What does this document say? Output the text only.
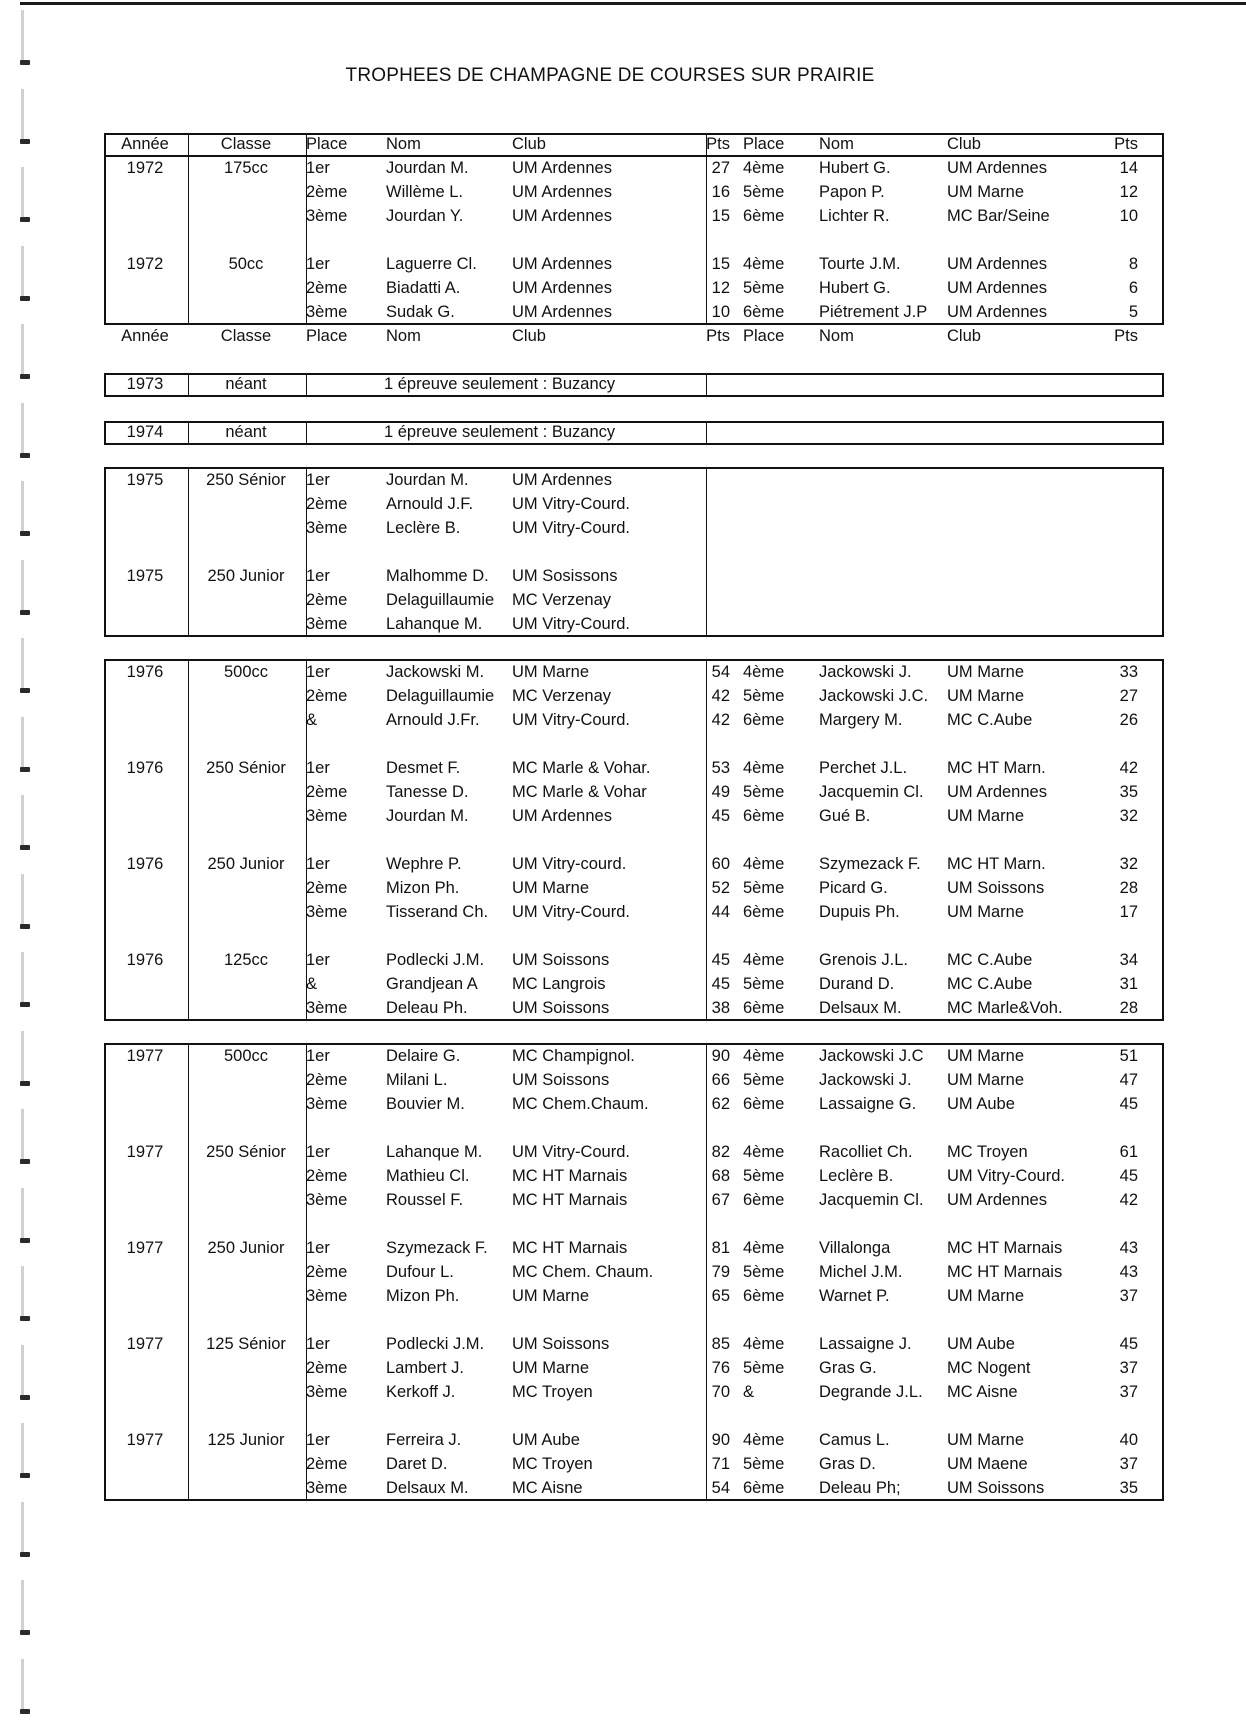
TROPHEES DE CHAMPAGNE DE COURSES SUR PRAIRIE
Année	Classe	Place Nom	Club	Pts Place Nom	Club	Pts
1972	175cc	1er	Jourdan M.	UM Ardennes	27 4ème Hubert G.	UM Ardennes	14
2ème Willème L.	UM Ardennes	16 5ème Papon P.	UM Marne	12
3ème Jourdan Y.	UM Ardennes	15 6ème Lichter R.	MC Bar/Seine	10
1972	50cc	1er	Laguerre Cl. UM Ardennes	15 4ème Tourte J.M.	UM Ardennes	8
2ème Biadatti A.	UM Ardennes	12 5ème Hubert G.	UM Ardennes	6
3ème Sudak G.	UM Ardennes	10 6ème Piétrement J.P UM Ardennes	5
Année	Classe	Place Nom	Club	Pts Place Nom	Club	Pts
1973	néant	1 épreuve seulement : Buzancy
1974	néant	1 épreuve seulement : Buzancy
1975	250 Sénior	1er	Jourdan M.	UM Ardennes
2ème Arnould J.F. UM Vitry-Courd.
3ème Leclère B.	UM Vitry-Courd.
1975	250 Junior	1er	Malhomme D. UM Sosissons
2ème Delaguillaumie MC Verzenay
3ème Lahanque M. UM Vitry-Courd.
1976	500cc	1er	Jackowski M. UM Marne	54 4ème Jackowski J. UM Marne	33
2ème Delaguillaumie MC Verzenay	42 5ème Jackowski J.C. UM Marne	27
&	Arnould J.Fr. UM Vitry-Courd.	42 6ème Margery M.	MC C.Aube	26
1976	250 Sénior	1er	Desmet F.	MC Marle & Vohar.	53 4ème Perchet J.L. MC HT Marn.	42
2ème Tanesse D.	MC Marle & Vohar	49 5ème Jacquemin Cl. UM Ardennes	35
3ème Jourdan M.	UM Ardennes	45 6ème Gué B.	UM Marne	32
1976	250 Junior	1er	Wephre P.	UM Vitry-courd.	60 4ème Szymezack F. MC HT Marn.	32
2ème Mizon Ph.	UM Marne	52 5ème Picard G.	UM Soissons	28
3ème Tisserand Ch. UM Vitry-Courd.	44 6ème Dupuis Ph.	UM Marne	17
1976	125cc	1er	Podlecki J.M. UM Soissons	45 4ème Grenois J.L. MC C.Aube	34
&	Grandjean A MC Langrois	45 5ème Durand D.	MC C.Aube	31
3ème Deleau Ph.	UM Soissons	38 6ème Delsaux M.	MC Marle&Voh.	28
1977	500cc	1er	Delaire G.	MC Champignol.	90 4ème Jackowski J.C UM Marne	51
2ème Milani L.	UM Soissons	66 5ème Jackowski J. UM Marne	47
3ème Bouvier M.	MC Chem.Chaum.	62 6ème Lassaigne G. UM Aube	45
1977	250 Sénior	1er	Lahanque M. UM Vitry-Courd.	82 4ème Racolliet Ch. MC Troyen	61
2ème Mathieu Cl.	MC HT Marnais	68 5ème Leclère B.	UM Vitry-Courd.	45
3ème Roussel F.	MC HT Marnais	67 6ème Jacquemin Cl. UM Ardennes	42
1977	250 Junior	1er	Szymezack F. MC HT Marnais	81 4ème Villalonga	MC HT Marnais	43
2ème Dufour L.	MC Chem. Chaum.	79 5ème Michel J.M.	MC HT Marnais	43
3ème Mizon Ph.	UM Marne	65 6ème Warnet P.	UM Marne	37
1977	125 Sénior	1er	Podlecki J.M. UM Soissons	85 4ème Lassaigne J. UM Aube	45
2ème Lambert J.	UM Marne	76 5ème Gras G.	MC Nogent	37
3ème Kerkoff J.	MC Troyen	70 &	Degrande J.L. MC Aisne	37
1977	125 Junior	1er	Ferreira J.	UM Aube	90 4ème Camus L.	UM Marne	40
2ème Daret D.	MC Troyen	71 5ème Gras D.	UM Maene	37
3ème Delsaux M.	MC Aisne	54 6ème Deleau Ph;	UM Soissons	35
